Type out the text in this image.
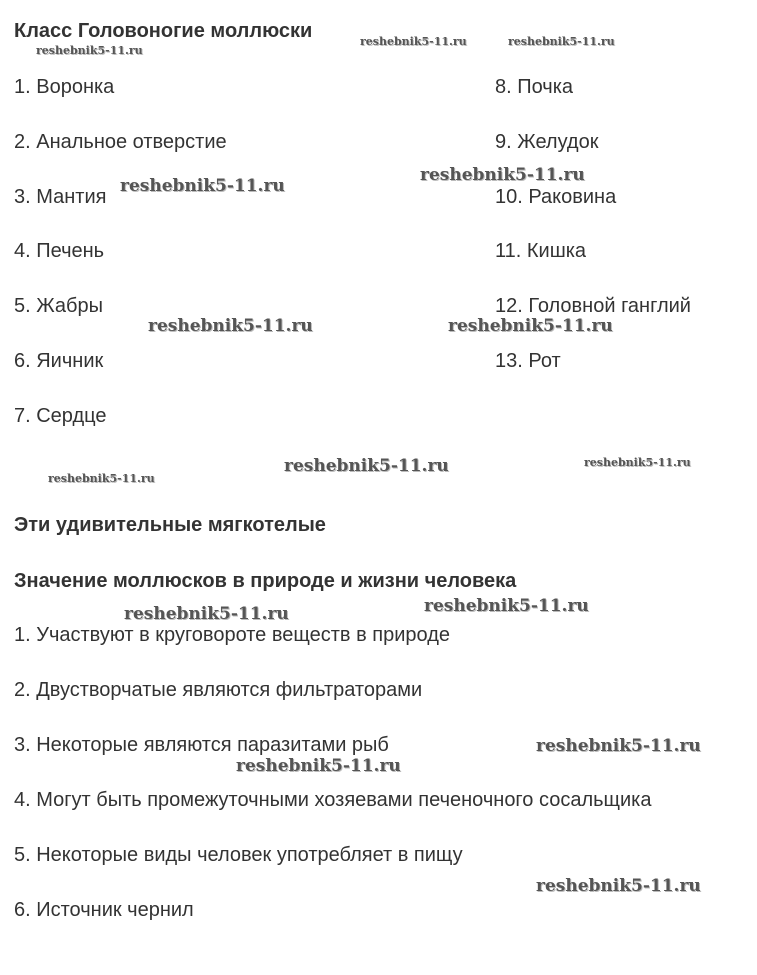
Класс Головоногие моллюски
1. Воронка
2. Анальное отверстие
3. Мантия
4. Печень
5. Жабры
6. Яичник
7. Сердце
8. Почка
9. Желудок
10. Раковина
11. Кишка
12. Головной ганглий
13. Рот
Эти удивительные мягкотелые
Значение моллюсков в природе и жизни человека
1. Участвуют в круговороте веществ в природе
2. Двустворчатые являются фильтраторами
3. Некоторые являются паразитами рыб
4. Могут быть промежуточными хозяевами печеночного сосальщика
5. Некоторые виды человек употребляет в пищу
6. Источник чернил
reshebnik5-11.ru
reshebnik5-11.ru	reshebnik5-11.ru
reshebnik5-11.ru
reshebnik5-11.ru
reshebnik5-11.ru	reshebnik5-11.ru
reshebnik5-11.ru
reshebnik5-11.ru	reshebnik5-11.ru
reshebnik5-11.ru	reshebnik5-11.ru
reshebnik5-11.ru
reshebnik5-11.ru
reshebnik5-11.ru
